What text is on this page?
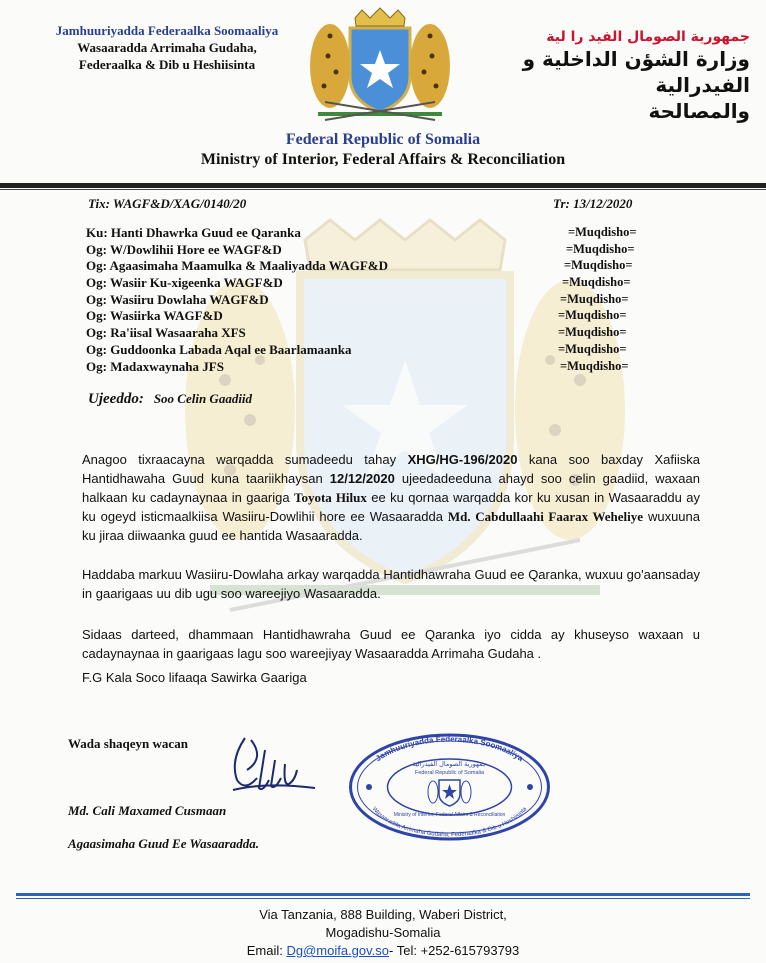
Jamhuuriyadda Federaalka Soomaaliya
Wasaaradda Arrimaha Gudaha,
Federaalka & Dib u Heshiisinta
جمهورية الصومال الفيد را لية
وزارة الشؤن الداخلية و الفيدرالية
والمصالحة
Federal Republic of Somalia
Ministry of Interior, Federal Affairs & Reconciliation
Tix: WAGF&D/XAG/0140/20	Tr: 13/12/2020
Ku: Hanti Dhawrka Guud ee Qaranka	=Muqdisho=
Og: W/Dowlihii Hore ee WAGF&D	=Muqdisho=
Og: Agaasimaha Maamulka & Maaliyadda WAGF&D	=Muqdisho=
Og: Wasiir Ku-xigeenka WAGF&D	=Muqdisho=
Og: Wasiiru Dowlaha WAGF&D	=Muqdisho=
Og: Wasiirka WAGF&D	=Muqdisho=
Og: Ra'iisal Wasaaraha XFS	=Muqdisho=
Og: Guddoonka Labada Aqal ee Baarlamaanka	=Muqdisho=
Og: Madaxwaynaha JFS	=Muqdisho=
Ujeeddo: Soo Celin Gaadiid
Anagoo tixraacayna warqadda sumadeedu tahay XHG/HG-196/2020 kana soo baxday Xafiiska Hantidhawaha Guud kuna taariikhaysan 12/12/2020 ujeedadeeduna ahayd soo celin gaadiid, waxaan halkaan ku cadaynaynaa in gaariga Toyota Hilux ee ku qornaa warqadda kor ku xusan in Wasaaraddu ay ku ogeyd isticmaalkiisa Wasiiru-Dowlihii hore ee Wasaaradda Md. Cabdullaahi Faarax Weheliye wuxuuna ku jiraa diiwaanka guud ee hantida Wasaaradda.
Haddaba markuu Wasiiru-Dowlaha arkay warqadda Hantidhawraha Guud ee Qaranka, wuxuu go'aansaday in gaarigaas uu dib ugu soo wareejiyo Wasaaradda.
Sidaas darteed, dhammaan Hantidhawraha Guud ee Qaranka iyo cidda ay khuseyso waxaan u cadaynaynaa in gaarigaas lagu soo wareejiyay Wasaaradda Arrimaha Gudaha .
F.G Kala Soco lifaaqa Sawirka Gaariga
Wada shaqeyn wacan
Md. Cali Maxamed Cusmaan
Agaasimaha Guud Ee Wasaaradda.
Jamhuuriyadda Federaalka Soomaaliya
Wasaaradda Arrimaha Gudaha, Federaalka & Dib u Heshiisinta
جمهورية الصومال الفيدرالية
Federal Republic of Somalia
Ministry of Interior, Federal Affairs & Reconciliation
Via Tanzania, 888 Building, Waberi District,
Mogadishu-Somalia
Email: Dg@moifa.gov.so- Tel: +252-615793793
